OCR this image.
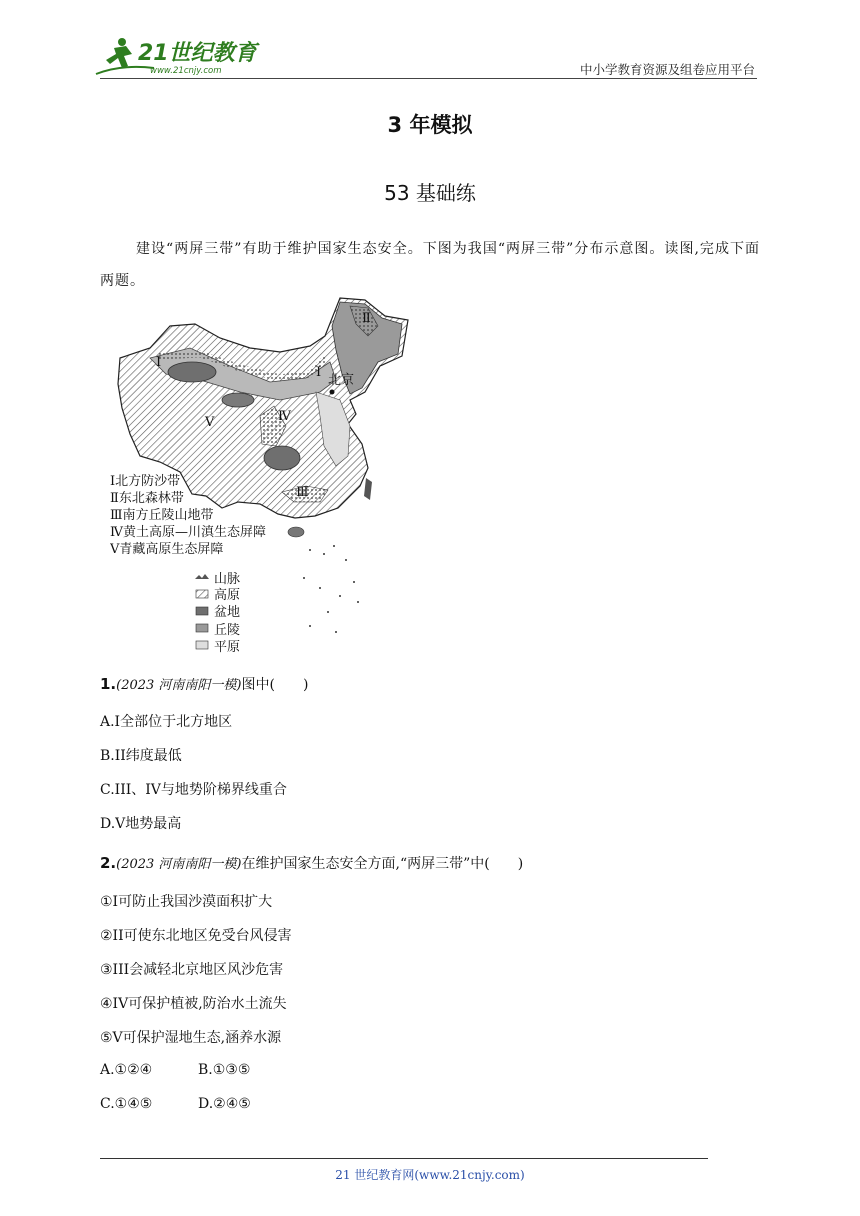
21世纪教育
www.21cnjy.com	中小学教育资源及组卷应用平台
3 年模拟
53 基础练
建设“两屏三带”有助于维护国家生态安全。下图为我国“两屏三带”分布示意图。读图,完成下面两题。
Ⅰ
Ⅱ
Ⅲ
Ⅳ
Ⅴ
Ⅰ
北京
Ⅰ北方防沙带
Ⅱ东北森林带
Ⅲ南方丘陵山地带
Ⅳ黄土高原—川滇生态屏障
Ⅴ青藏高原生态屏障
山脉
高原
盆地
丘陵
平原
1.(2023 河南南阳一模)图中(　　)
A.I全部位于北方地区
B.II纬度最低
C.III、IV与地势阶梯界线重合
D.V地势最高
2.(2023 河南南阳一模)在维护国家生态安全方面,“两屏三带”中(　　)
①I可防止我国沙漠面积扩大
②II可使东北地区免受台风侵害
③III会减轻北京地区风沙危害
④IV可保护植被,防治水土流失
⑤V可保护湿地生态,涵养水源
A.①②④	B.①③⑤
C.①④⑤	D.②④⑤
21 世纪教育网(www.21cnjy.com)
